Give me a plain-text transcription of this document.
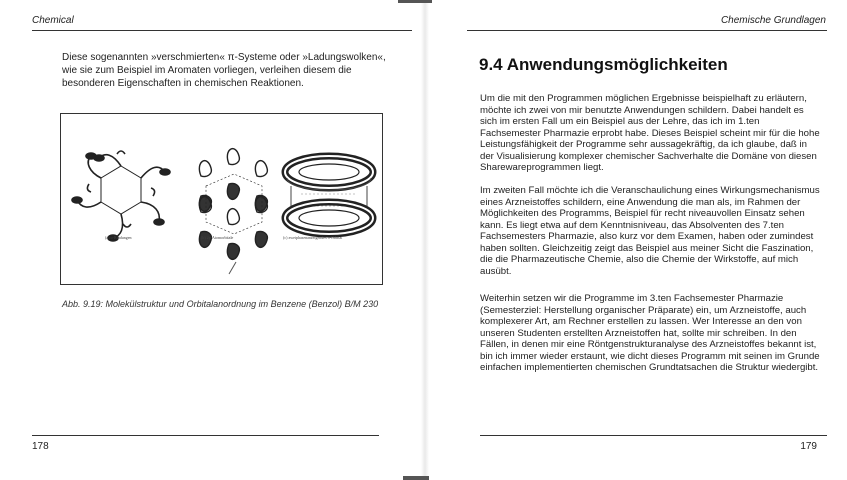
Chemical
Diese sogenannten »verschmierten« π-Systeme oder »Ladungswolken«, wie sie zum Beispiel im Aromaten vorliegen, verleihen diesem die besonderen Eigenschaften in chemischen Reaktionen.
(a) σ-Bindungen	(b) 2p-Atomorbitale	(c) zweiphasenanzeigendes π-Orbital
Abb. 9.19: Molekülstruktur und Orbitalanordnung im Benzene (Benzol) B/M 230
178
Chemische Grundlagen
9.4 Anwendungsmöglichkeiten
Um die mit den Programmen möglichen Ergebnisse beispielhaft zu erläutern, möchte ich zwei von mir benutzte Anwendungen schildern. Dabei handelt es sich im ersten Fall um ein Beispiel aus der Lehre, das ich im 1.ten Fachsemester Pharmazie erprobt habe. Dieses Beispiel scheint mir für die hohe Leistungsfähigkeit der Programme sehr aussagekräftig, da ich glaube, daß in der Visualisierung komplexer chemischer Sachverhalte die Domäne von diesen Sharewareprogrammen liegt.
Im zweiten Fall möchte ich die Veranschaulichung eines Wirkungsmechanismus eines Arzneistoffes schildern, eine Anwendung die man als, im Rahmen der Möglichkeiten des Programms, Beispiel für recht niveauvollen Einsatz sehen kann. Es liegt etwa auf dem Kenntnisniveau, das Absolventen des 7.ten Fachsemesters Pharmazie, also kurz vor dem Examen, haben oder zumindest haben sollten. Gleichzeitig zeigt das Beispiel aus meiner Sicht die Faszination, die die Pharmazeutische Chemie, also die Chemie der Wirkstoffe, auf mich ausübt.
Weiterhin setzen wir die Programme im 3.ten Fachsemester Pharmazie (Semesterziel: Herstellung organischer Präparate) ein, um Arzneistoffe, auch komplexerer Art, am Rechner erstellen zu lassen. Wer Interesse an den von unseren Studenten erstellten Arzneistoffen hat, sollte mir schreiben. In den Fällen, in denen mir eine Röntgenstrukturanalyse des Arzneistoffes bekannt ist, bin ich immer wieder erstaunt, wie dicht dieses Programm mit seinen im Grunde einfachen implementierten chemischen Grundtatsachen die Struktur wiedergibt.
179
